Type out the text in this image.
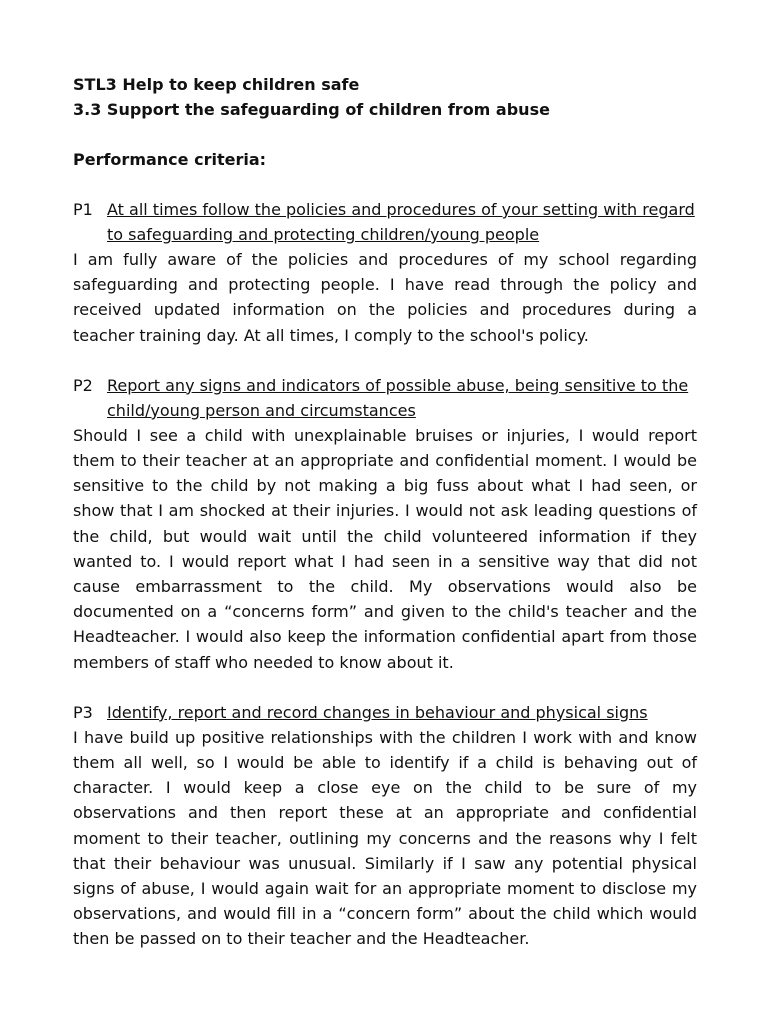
STL3 Help to keep children safe
3.3 Support the safeguarding of children from abuse
Performance criteria:
P1 At all times follow the policies and procedures of your setting with regard to safeguarding and protecting children/young people

I am fully aware of the policies and procedures of my school regarding safeguarding and protecting people. I have read through the policy and received updated information on the policies and procedures during a teacher training day. At all times, I comply to the school's policy.

P2 Report any signs and indicators of possible abuse, being sensitive to the child/young person and circumstances

Should I see a child with unexplainable bruises or injuries, I would report them to their teacher at an appropriate and confidential moment. I would be sensitive to the child by not making a big fuss about what I had seen, or show that I am shocked at their injuries. I would not ask leading questions of the child, but would wait until the child volunteered information if they wanted to. I would report what I had seen in a sensitive way that did not cause embarrassment to the child. My observations would also be documented on a “concerns form” and given to the child's teacher and the Headteacher. I would also keep the information confidential apart from those members of staff who needed to know about it.

P3 Identify, report and record changes in behaviour and physical signs

I have build up positive relationships with the children I work with and know them all well, so I would be able to identify if a child is behaving out of character. I would keep a close eye on the child to be sure of my observations and then report these at an appropriate and confidential moment to their teacher, outlining my concerns and the reasons why I felt that their behaviour was unusual. Similarly if I saw any potential physical signs of abuse, I would again wait for an appropriate moment to disclose my observations, and would fill in a “concern form” about the child which would then be passed on to their teacher and the Headteacher.
